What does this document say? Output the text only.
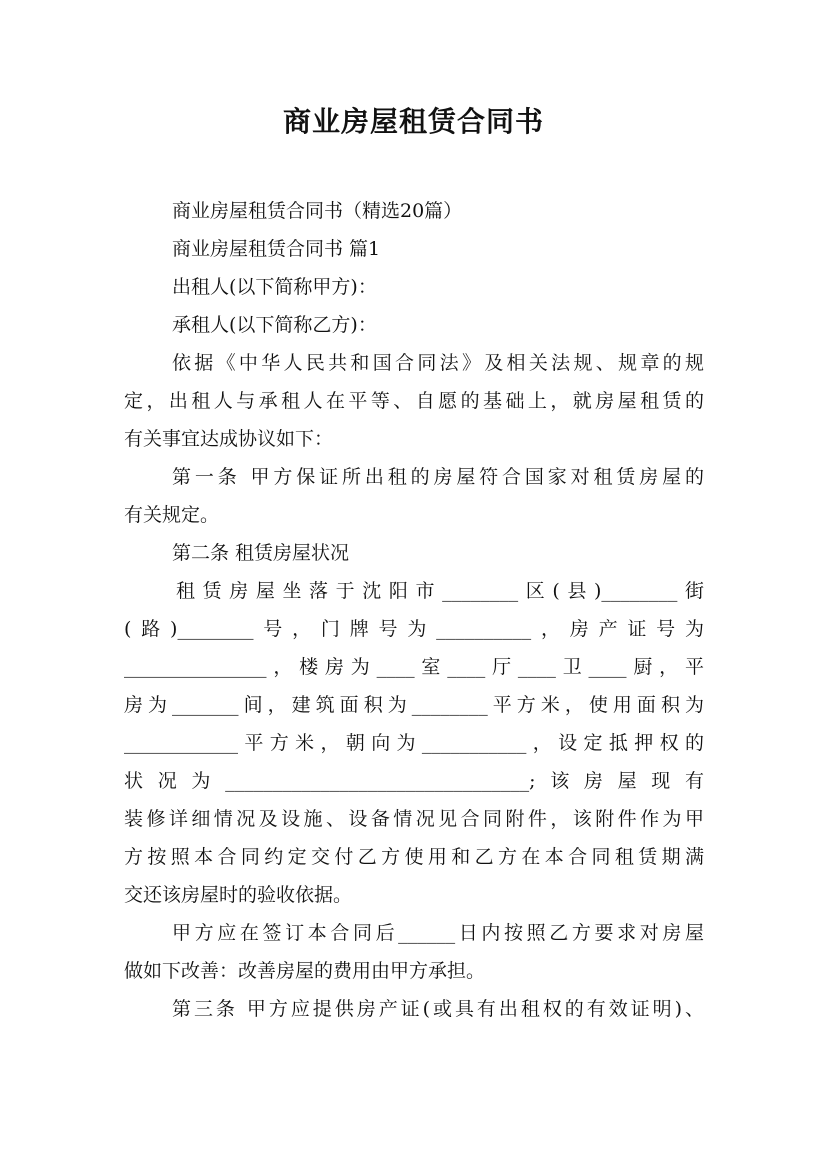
商业房屋租赁合同书
商业房屋租赁合同书（精选20篇）
商业房屋租赁合同书 篇1
出租人(以下简称甲方)：
承租人(以下简称乙方)：
依据《中华人民共和国合同法》及相关法规、规章的规
定，出租人与承租人在平等、自愿的基础上，就房屋租赁的
有关事宜达成协议如下：
第一条 甲方保证所出租的房屋符合国家对租赁房屋的
有关规定。
第二条 租赁房屋状况
租赁房屋坐落于沈阳市________区(县)________街
(路)________号，门牌号为__________，房产证号为
_______________，楼房为____室____厅____卫____厨，平
房为_______间，建筑面积为________平方米，使用面积为
____________平方米，朝向为___________，设定抵押权的
状况为________________________________;该房屋现有
装修详细情况及设施、设备情况见合同附件，该附件作为甲
方按照本合同约定交付乙方使用和乙方在本合同租赁期满
交还该房屋时的验收依据。
甲方应在签订本合同后______日内按照乙方要求对房屋
做如下改善：改善房屋的费用由甲方承担。
第三条 甲方应提供房产证(或具有出租权的有效证明)、
